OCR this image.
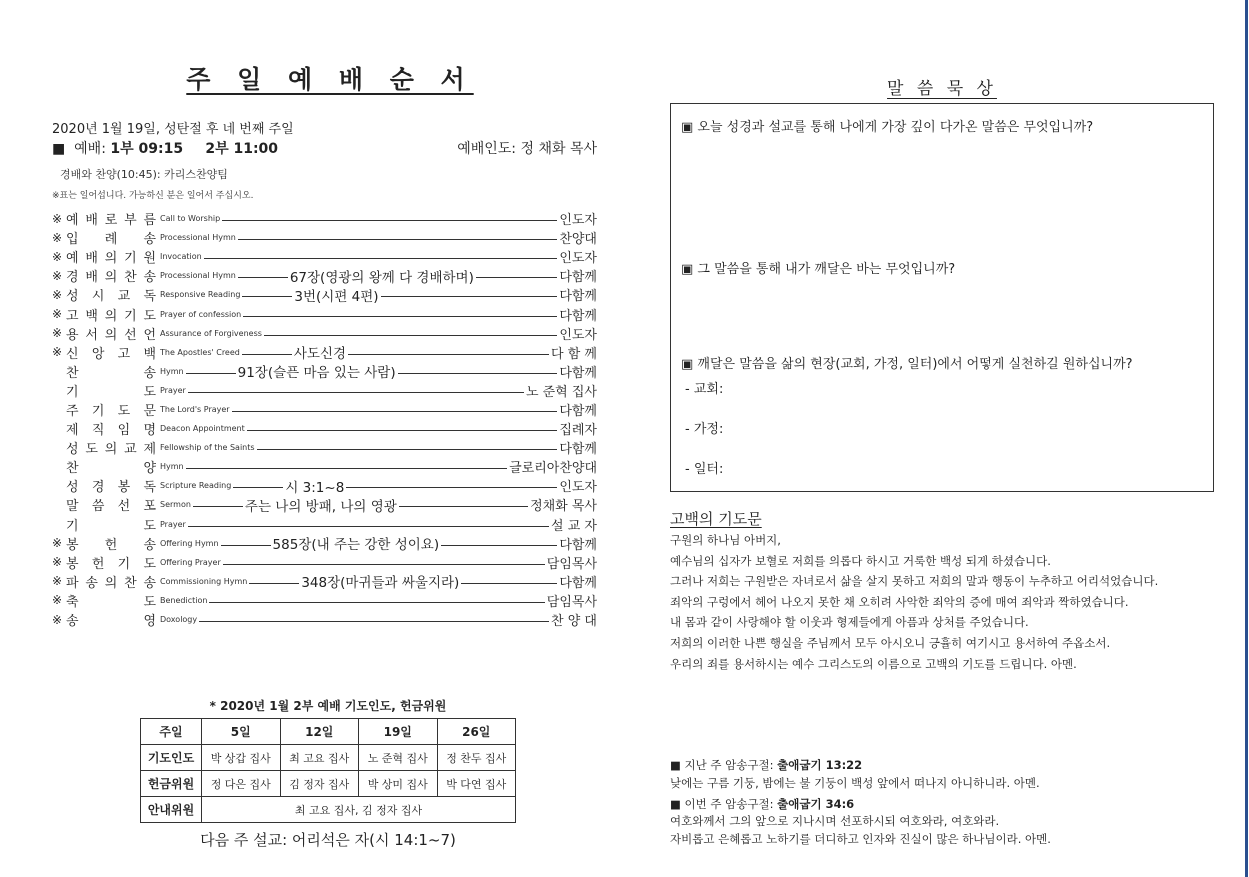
주 일 예 배 순 서
2020년 1월 19일, 성탄절 후 네 번째 주일
■ 예배: 1부 09:15 2부 11:00	예배인도: 정 채화 목사
경배와 찬양(10:45): 카리스찬양팀
※표는 일어섭니다. 가능하신 분은 일어서 주십시오.
※ 예 배 로 부 름 Call to Worship	인도자
※ 입 례 송 Processional Hymn	찬양대
※ 예 배 의 기 원 Invocation	인도자
※ 경 배 의 찬 송 Processional Hymn	67장(영광의 왕께 다 경배하며)	다함께
※ 성 시 교 독 Responsive Reading	3번(시편 4편)	다함께
※ 고 백 의 기 도 Prayer of confession	다함께
※ 용 서 의 선 언 Assurance of Forgiveness	인도자
※ 신 앙 고 백 The Apostles' Creed	사도신경	다 함 께
찬	송 Hymn	91장(슬픈 마음 있는 사람)	다함께
기	도 Prayer	노 준혁 집사
주 기 도 문 The Lord's Prayer	다함께
제 직 임 명 Deacon Appointment	집례자
성 도 의 교 제 Fellowship of the Saints	다함께
찬	양 Hymn	글로리아찬양대
성 경 봉 독 Scripture Reading	시 3:1~8	인도자
말 씀 선 포 Sermon	주는 나의 방패, 나의 영광	정채화 목사
기	도 Prayer	설 교 자
※ 봉 헌 송 Offering Hymn	585장(내 주는 강한 성이요)	다함께
※ 봉 헌 기 도 Offering Prayer	담임목사
※ 파 송 의 찬 송 Commissioning Hymn	348장(마귀들과 싸울지라)	다함께
※ 축	도 Benediction	담임목사
※ 송	영 Doxology	찬 양 대
* 2020년 1월 2부 예배 기도인도, 헌금위원
주일	5일	12일	19일	26일
기도인도	박 상갑 집사	최 고요 집사	노 준혁 집사	정 찬두 집사
헌금위원	정 다은 집사	김 정자 집사	박 상미 집사	박 다연 집사
안내위원	최 고요 집사, 김 정자 집사			
다음 주 설교: 어리석은 자(시 14:1~7)
말 씀 묵 상
▣ 오늘 성경과 설교를 통해 나에게 가장 깊이 다가온 말씀은 무엇입니까?
▣ 그 말씀을 통해 내가 깨달은 바는 무엇입니까?
▣ 깨달은 말씀을 삶의 현장(교회, 가정, 일터)에서 어떻게 실천하길 원하십니까?
- 교회:
- 가정:
- 일터:
고백의 기도문
구원의 하나님 아버지,
예수님의 십자가 보혈로 저희를 의롭다 하시고 거룩한 백성 되게 하셨습니다.
그러나 저희는 구원받은 자녀로서 삶을 살지 못하고 저희의 말과 행동이 누추하고 어리석었습니다.
죄악의 구렁에서 헤어 나오지 못한 채 오히려 사악한 죄악의 증에 매여 죄악과 짝하였습니다.
내 몸과 같이 사랑해야 할 이웃과 형제들에게 아픔과 상처를 주었습니다.
저희의 이러한 나쁜 행실을 주님께서 모두 아시오니 긍휼히 여기시고 용서하여 주옵소서.
우리의 죄를 용서하시는 예수 그리스도의 이름으로 고백의 기도를 드립니다. 아멘.
■ 지난 주 암송구절: 출애굽기 13:22
낮에는 구름 기둥, 밤에는 불 기둥이 백성 앞에서 떠나지 아니하니라. 아멘.
■ 이번 주 암송구절: 출애굽기 34:6
여호와께서 그의 앞으로 지나시며 선포하시되 여호와라, 여호와라.
자비롭고 은혜롭고 노하기를 더디하고 인자와 진실이 많은 하나님이라. 아멘.
